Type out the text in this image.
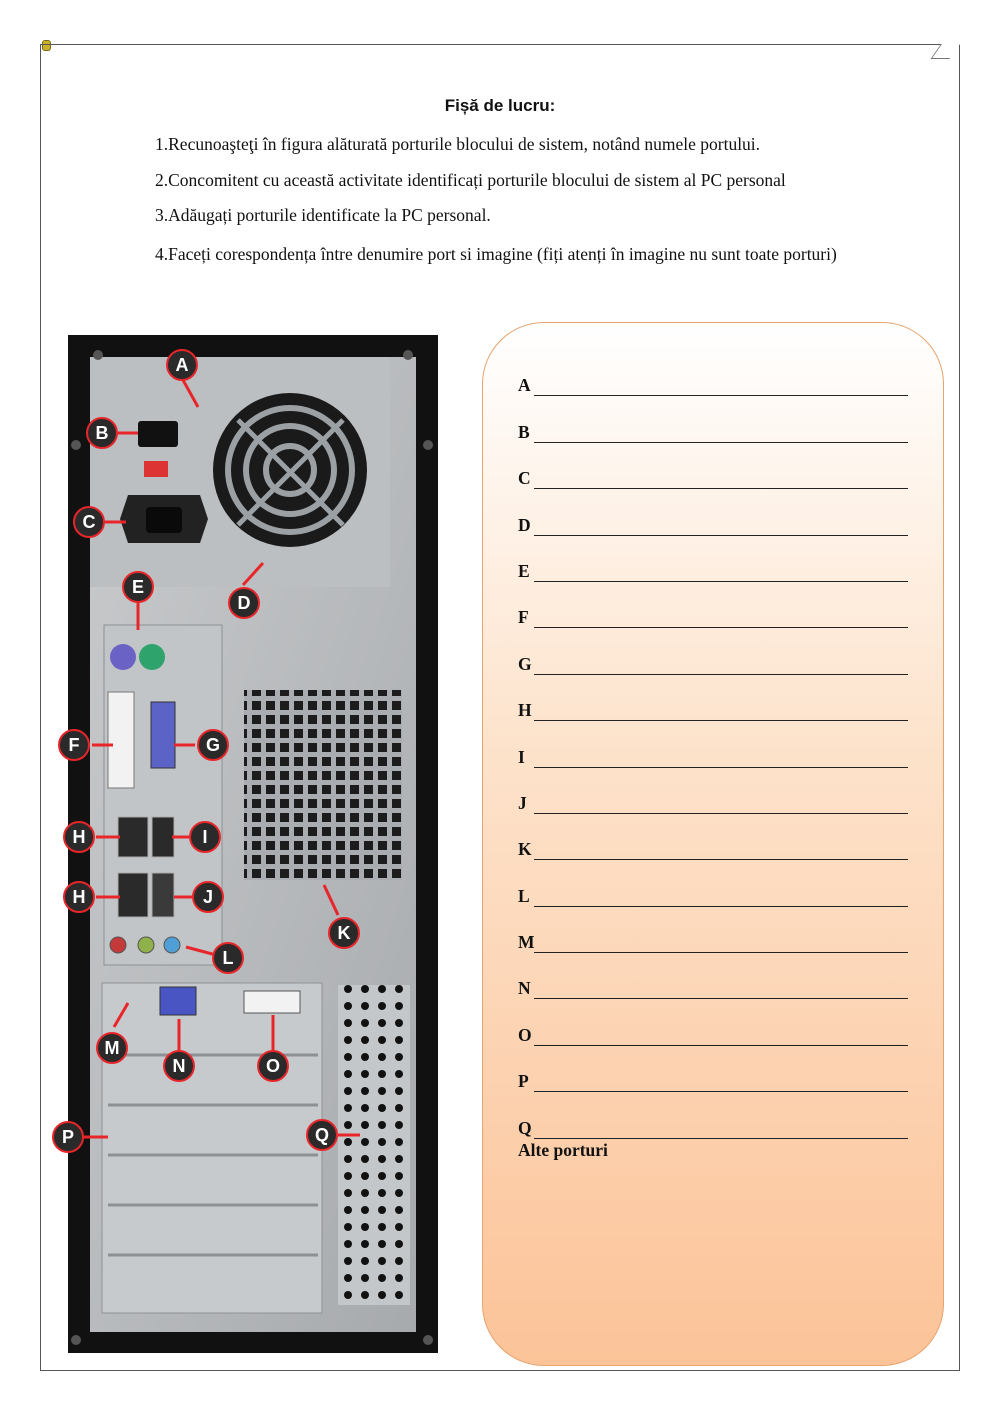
Fișă de lucru:

1.Recunoaşteţi în figura alăturată porturile blocului de sistem, notând numele portului.

2.Concomitent cu această activitate identificați porturile blocului de sistem al PC personal

3.Adăugați porturile identificate la PC personal.

4.Faceți corespondența între denumire port si imagine (fiți atenți în imagine nu sunt toate porturi)

A
B
C
D
E
F	G
H
H
I
J
K
L
M
N	O
P	Q
A
B
C
D
E
F
G
H
I
J
K
L
M
N
O
P
Q
Alte porturi
